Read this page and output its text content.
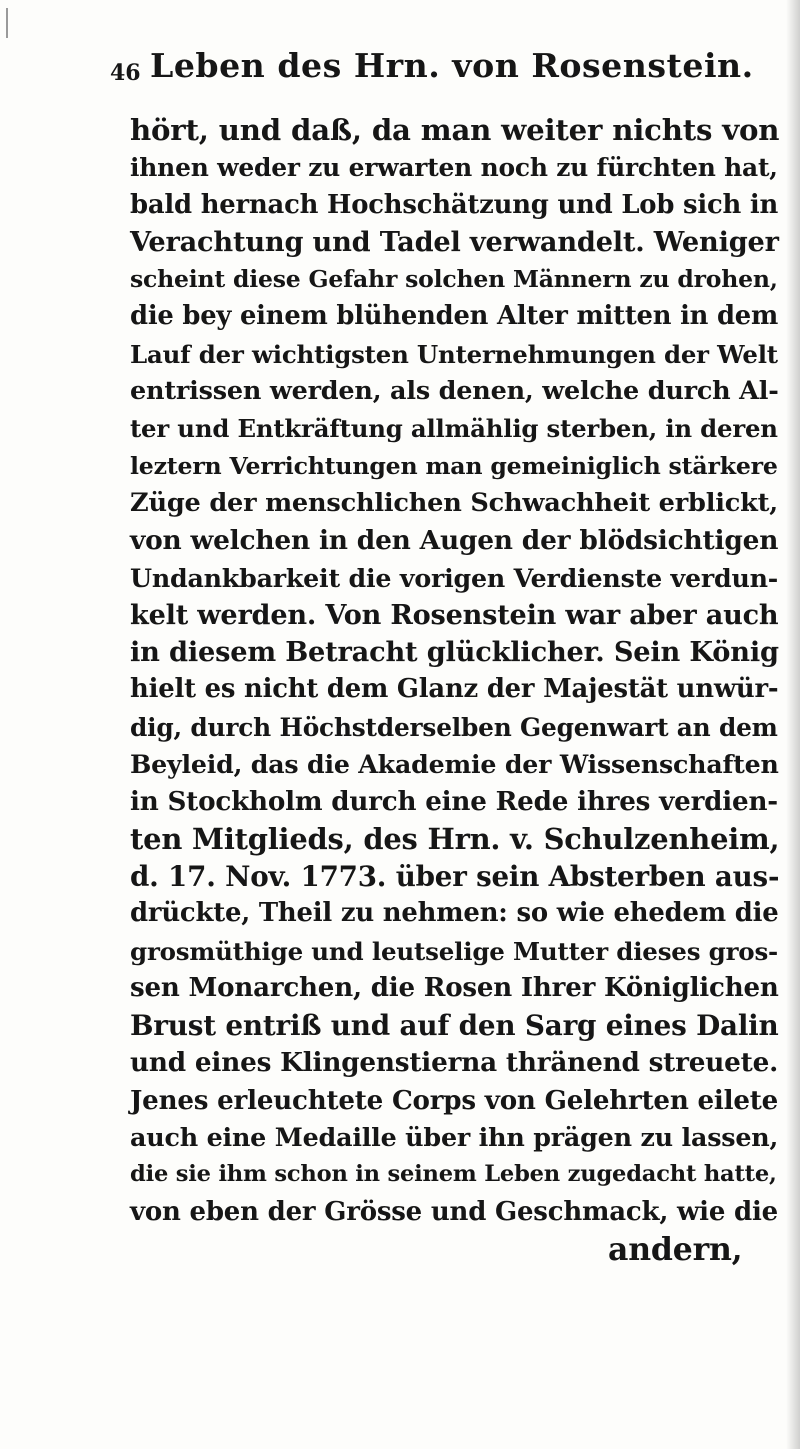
46 Leben des Hrn. von Rosenstein.
hört, und daß, da man weiter nichts von
ihnen weder zu erwarten noch zu fürchten hat,
bald hernach Hochschätzung und Lob sich in
Verachtung und Tadel verwandelt. Weniger
scheint diese Gefahr solchen Männern zu drohen,
die bey einem blühenden Alter mitten in dem
Lauf der wichtigsten Unternehmungen der Welt
entrissen werden, als denen, welche durch Al-
ter und Entkräftung allmählig sterben, in deren
leztern Verrichtungen man gemeiniglich stärkere
Züge der menschlichen Schwachheit erblickt,
von welchen in den Augen der blödsichtigen
Undankbarkeit die vorigen Verdienste verdun-
kelt werden. Von Rosenstein war aber auch
in diesem Betracht glücklicher. Sein König
hielt es nicht dem Glanz der Majestät unwür-
dig, durch Höchstderselben Gegenwart an dem
Beyleid, das die Akademie der Wissenschaften
in Stockholm durch eine Rede ihres verdien-
ten Mitglieds, des Hrn. v. Schulzenheim,
d. 17. Nov. 1773. über sein Absterben aus-
drückte, Theil zu nehmen: so wie ehedem die
grosmüthige und leutselige Mutter dieses gros-
sen Monarchen, die Rosen Ihrer Königlichen
Brust entriß und auf den Sarg eines Dalin
und eines Klingenstierna thränend streuete.
Jenes erleuchtete Corps von Gelehrten eilete
auch eine Medaille über ihn prägen zu lassen,
die sie ihm schon in seinem Leben zugedacht hatte,
von eben der Grösse und Geschmack, wie die
andern,
